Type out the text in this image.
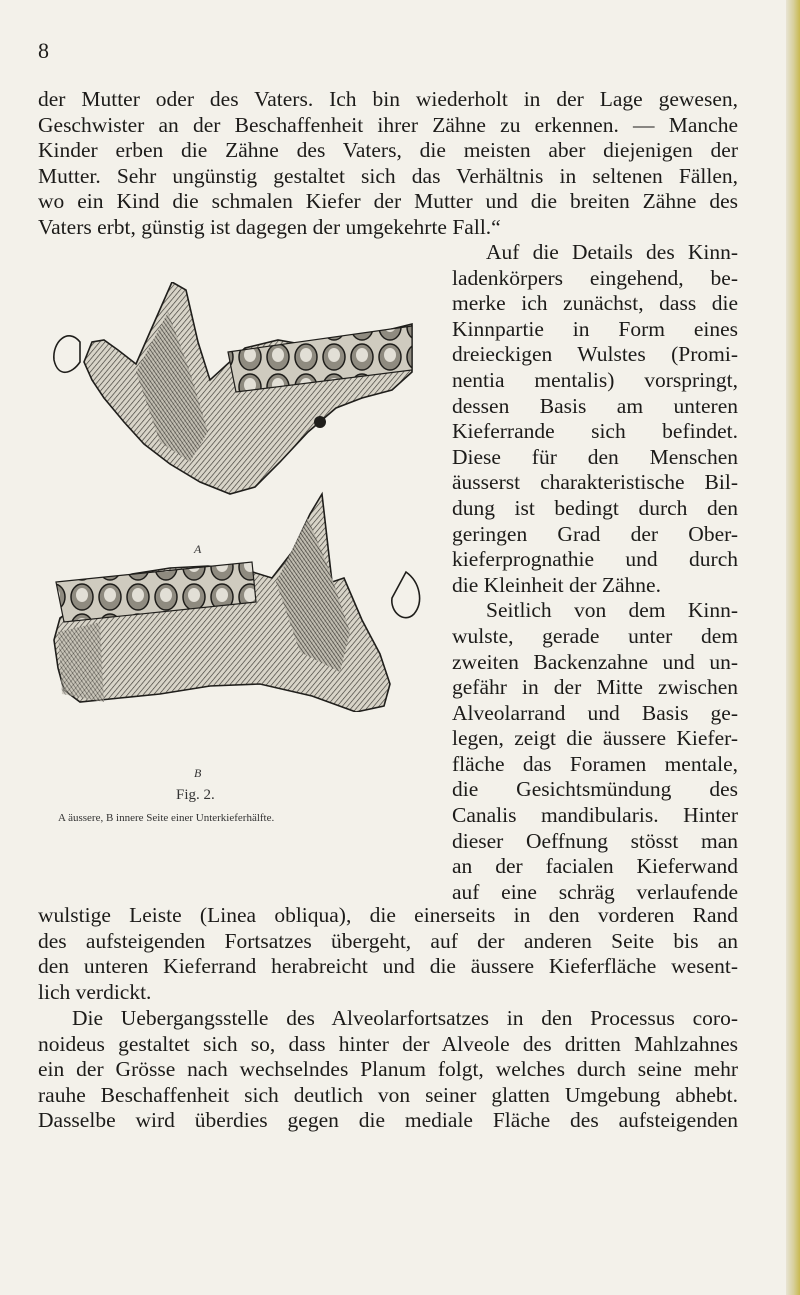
8
der Mutter oder des Vaters. Ich bin wiederholt in der Lage gewesen,
Geschwister an der Beschaffenheit ihrer Zähne zu erkennen. — Manche
Kinder erben die Zähne des Vaters, die meisten aber diejenigen der
Mutter. Sehr ungünstig gestaltet sich das Verhältnis in seltenen Fällen,
wo ein Kind die schmalen Kiefer der Mutter und die breiten Zähne des
Vaters erbt, günstig ist dagegen der umgekehrte Fall.“
Auf die Details des Kinn-
ladenkörpers eingehend, be-
merke ich zunächst, dass die
Kinnpartie in Form eines
dreieckigen Wulstes (Promi-
nentia mentalis) vorspringt,
dessen Basis am unteren
Kieferrande sich befindet.
Diese für den Menschen
äusserst charakteristische Bil-
dung ist bedingt durch den
geringen Grad der Ober-
kieferprognathie und durch
die Kleinheit der Zähne.
Seitlich von dem Kinn-
wulste, gerade unter dem
zweiten Backenzahne und un-
gefähr in der Mitte zwischen
Alveolarrand und Basis ge-
legen, zeigt die äussere Kiefer-
fläche das Foramen mentale,
die Gesichtsmündung des
Canalis mandibularis. Hinter
dieser Oeffnung stösst man
an der facialen Kieferwand
auf eine schräg verlaufende
A
B
Fig. 2.
A äussere, B innere Seite einer Unterkieferhälfte.
wulstige Leiste (Linea obliqua), die einerseits in den vorderen Rand
des aufsteigenden Fortsatzes übergeht, auf der anderen Seite bis an
den unteren Kieferrand herabreicht und die äussere Kieferfläche wesent-
lich verdickt.
Die Uebergangsstelle des Alveolarfortsatzes in den Processus coro-
noideus gestaltet sich so, dass hinter der Alveole des dritten Mahlzahnes
ein der Grösse nach wechselndes Planum folgt, welches durch seine mehr
rauhe Beschaffenheit sich deutlich von seiner glatten Umgebung abhebt.
Dasselbe wird überdies gegen die mediale Fläche des aufsteigenden
